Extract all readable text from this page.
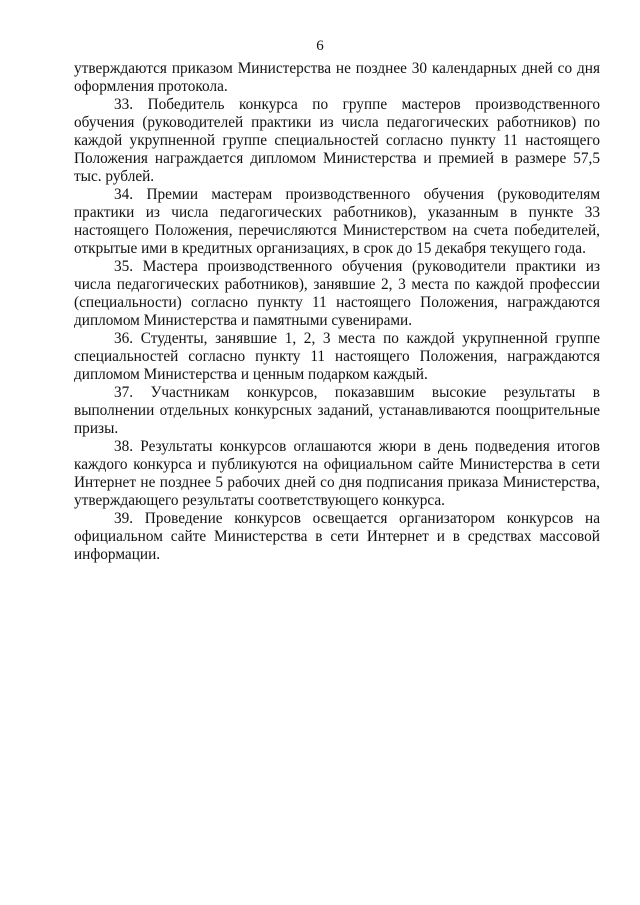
6

утверждаются приказом Министерства не позднее 30 календарных дней со дня оформления протокола.

33. Победитель конкурса по группе мастеров производственного обучения (руководителей практики из числа педагогических работников) по каждой укрупненной группе специальностей согласно пункту 11 настоящего Положения награждается дипломом Министерства и премией в размере 57,5 тыс. рублей.

34. Премии мастерам производственного обучения (руководителям практики из числа педагогических работников), указанным в пункте 33 настоящего Положения, перечисляются Министерством на счета победителей, открытые ими в кредитных организациях, в срок до 15 декабря текущего года.

35. Мастера производственного обучения (руководители практики из числа педагогических работников), занявшие 2, 3 места по каждой профессии (специальности) согласно пункту 11 настоящего Положения, награждаются дипломом Министерства и памятными сувенирами.

36. Студенты, занявшие 1, 2, 3 места по каждой укрупненной группе специальностей согласно пункту 11 настоящего Положения, награждаются дипломом Министерства и ценным подарком каждый.

37. Участникам конкурсов, показавшим высокие результаты в выполнении отдельных конкурсных заданий, устанавливаются поощрительные призы.

38. Результаты конкурсов оглашаются жюри в день подведения итогов каждого конкурса и публикуются на официальном сайте Министерства в сети Интернет не позднее 5 рабочих дней со дня подписания приказа Министерства, утверждающего результаты соответствующего конкурса.

39. Проведение конкурсов освещается организатором конкурсов на официальном сайте Министерства в сети Интернет и в средствах массовой информации.
